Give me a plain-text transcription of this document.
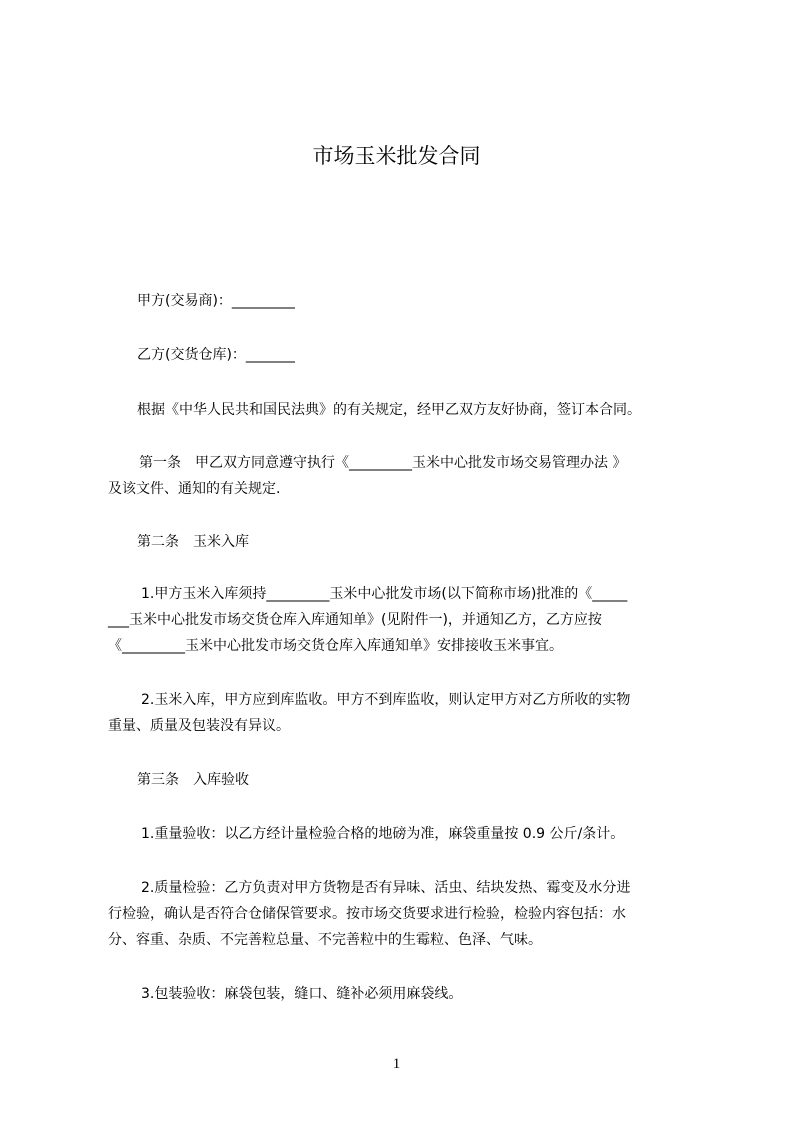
市场玉米批发合同
甲方(交易商)：_________
乙方(交货仓库)：_______
根据《中华人民共和国民法典》的有关规定，经甲乙双方友好协商，签订本合同。
第一条　甲乙双方同意遵守执行《_________玉米中心批发市场交易管理办法 》
及该文件、通知的有关规定.
第二条　玉米入库
1.甲方玉米入库须持_________玉米中心批发市场(以下简称市场)批准的《_____
___玉米中心批发市场交货仓库入库通知单》(见附件一)，并通知乙方，乙方应按
《_________玉米中心批发市场交货仓库入库通知单》安排接收玉米事宜。
2.玉米入库，甲方应到库监收。甲方不到库监收，则认定甲方对乙方所收的实物
重量、质量及包装没有异议。
第三条　入库验收
1.重量验收：以乙方经计量检验合格的地磅为准，麻袋重量按 0.9 公斤/条计。
2.质量检验：乙方负责对甲方货物是否有异味、活虫、结块发热、霉变及水分进
行检验，确认是否符合仓储保管要求。按市场交货要求进行检验，检验内容包括：水
分、容重、杂质、不完善粒总量、不完善粒中的生霉粒、色泽、气味。
3.包装验收：麻袋包装，缝口、缝补必须用麻袋线。
1
